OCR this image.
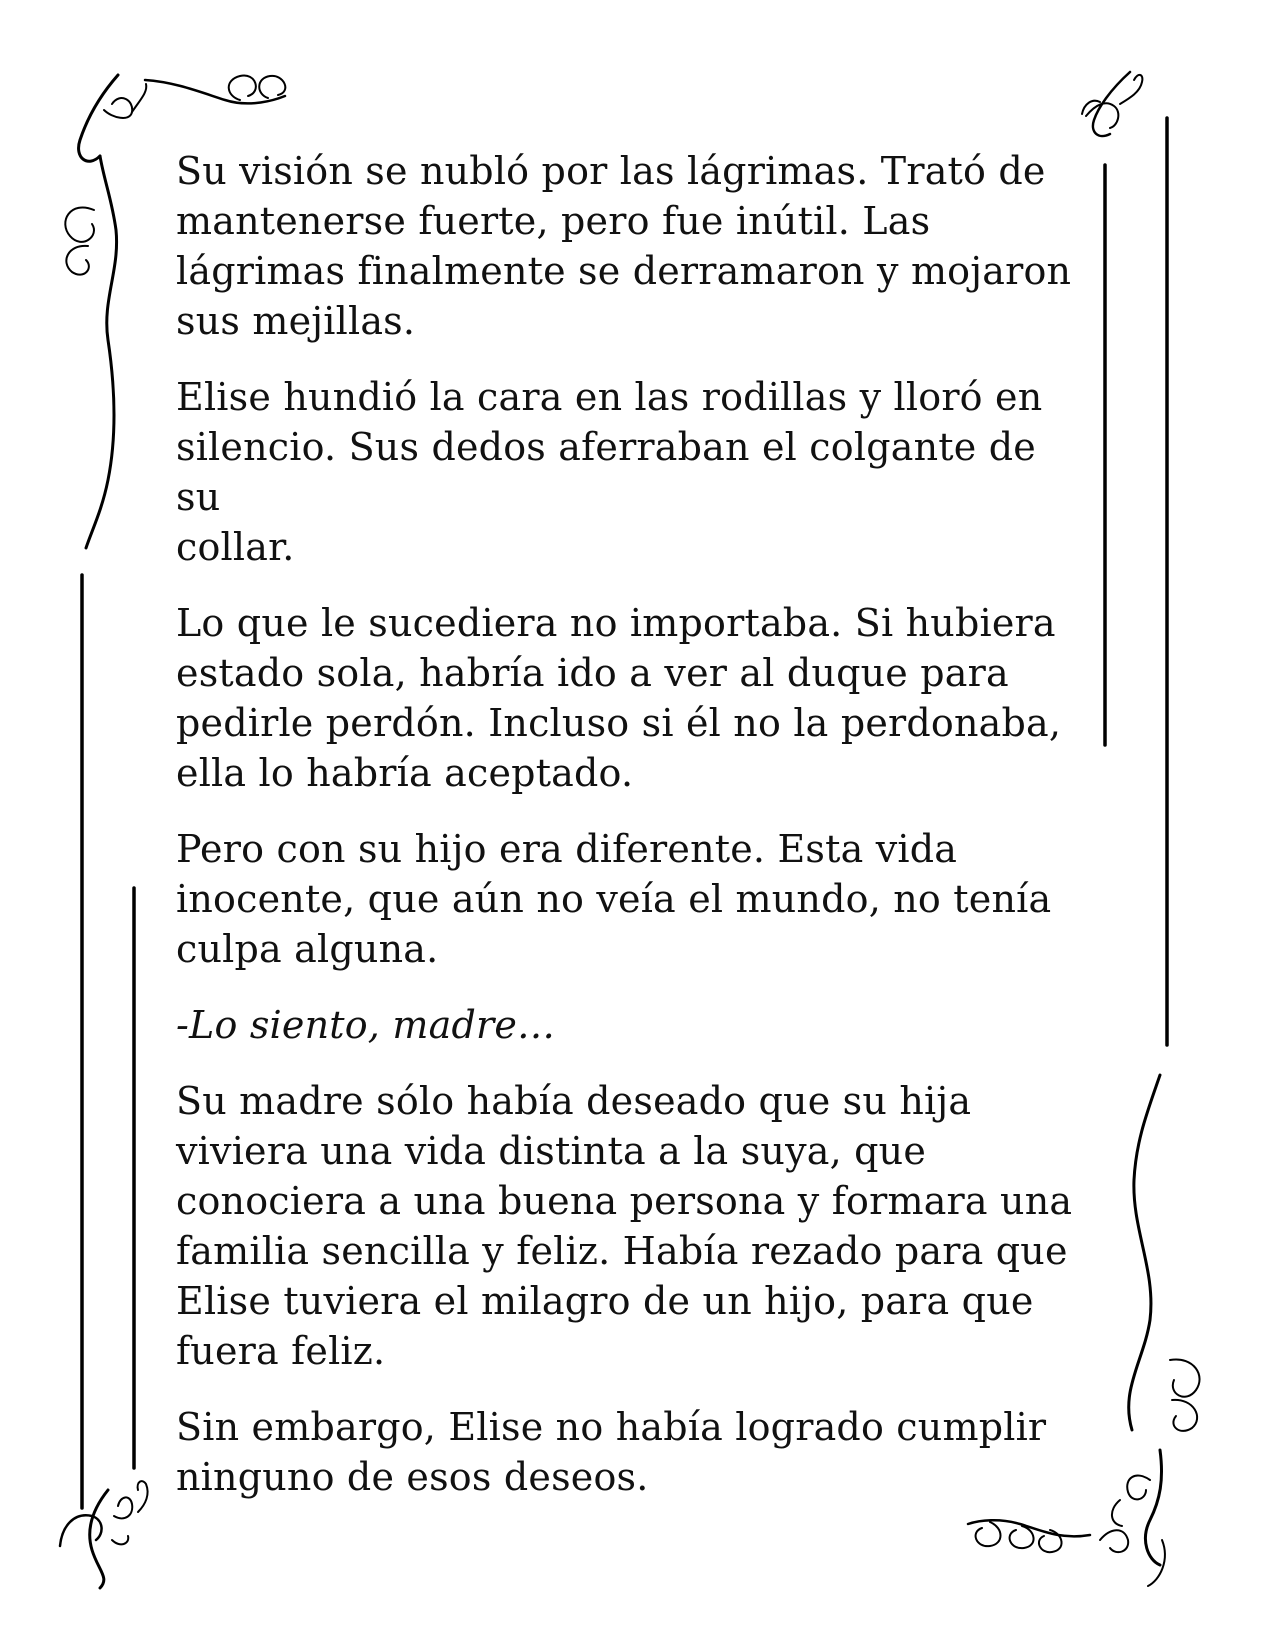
Su visión se nubló por las lágrimas. Trató de
mantenerse fuerte, pero fue inútil. Las
lágrimas finalmente se derramaron y mojaron
sus mejillas.

Elise hundió la cara en las rodillas y lloró en
silencio. Sus dedos aferraban el colgante de su
collar.

Lo que le sucediera no importaba. Si hubiera
estado sola, habría ido a ver al duque para
pedirle perdón. Incluso si él no la perdonaba,
ella lo habría aceptado.

Pero con su hijo era diferente. Esta vida
inocente, que aún no veía el mundo, no tenía
culpa alguna.

-Lo siento, madre…

Su madre sólo había deseado que su hija
viviera una vida distinta a la suya, que
conociera a una buena persona y formara una
familia sencilla y feliz. Había rezado para que
Elise tuviera el milagro de un hijo, para que
fuera feliz.

Sin embargo, Elise no había logrado cumplir
ninguno de esos deseos.
